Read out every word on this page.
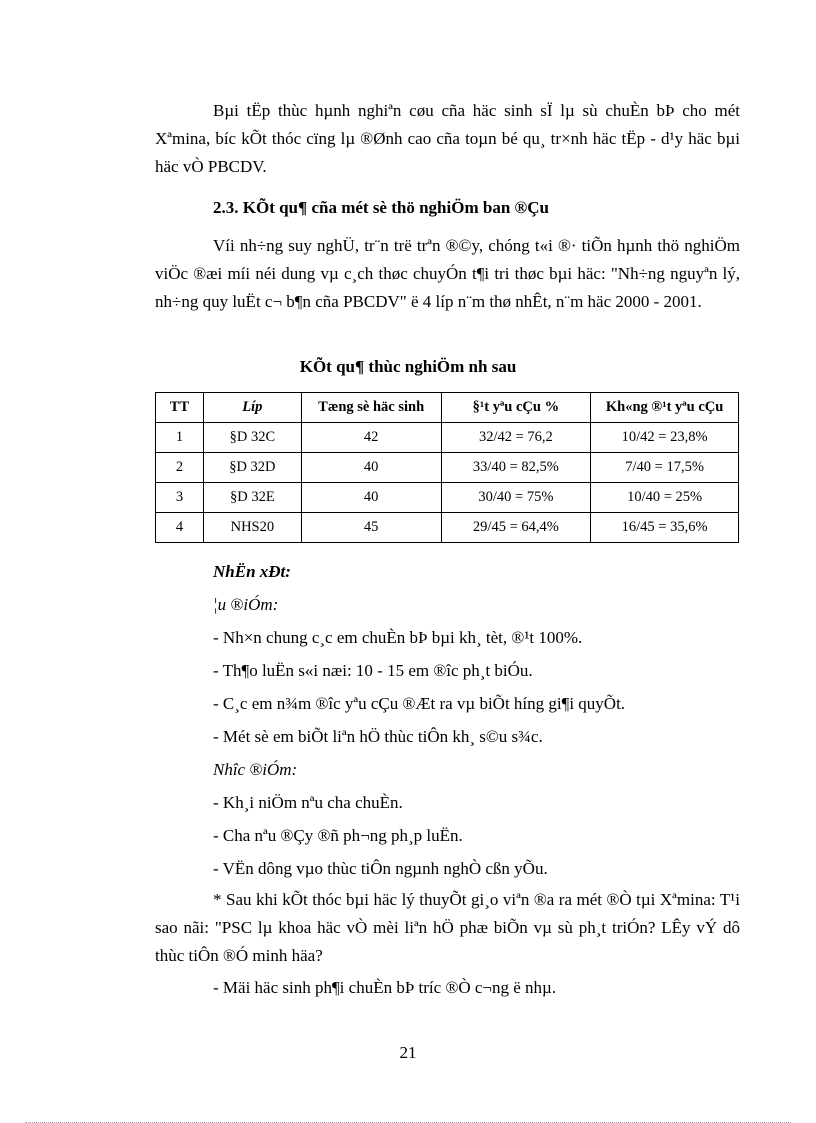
Bµi tËp thùc hµnh nghiªn cøu cña häc sinh sÏ lµ sù chuÈn bÞ cho mét Xªmina, bíc kÕt thóc cïng lµ ®Ønh cao cña toµn bé qu¸ tr×nh häc tËp - d¹y häc bµi häc vÒ PBCDV.

2.3. KÕt qu¶ cña mét sè thö nghiÖm ban ®Çu

Víi nh÷ng suy nghÜ, tr¨n trë trªn ®©y, chóng t«i ®· tiÕn hµnh thö nghiÖm viÖc ®æi míi néi dung vµ c¸ch thøc chuyÓn t¶i tri thøc bµi häc: "Nh÷ng nguyªn lý, nh÷ng quy luËt c¬ b¶n cña PBCDV" ë 4 líp n¨m thø nhÊt, n¨m häc 2000 - 2001.

KÕt qu¶ thùc nghiÖm nh sau

TT	Líp	Tæng sè häc sinh	§¹t yªu cÇu %	Kh«ng ®¹t yªu cÇu
1	§D 32C	42	32/42 = 76,2	10/42 = 23,8%
2	§D 32D	40	33/40 = 82,5%	7/40 = 17,5%
3	§D 32E	40	30/40 = 75%	10/40 = 25%
4	NHS20	45	29/45 = 64,4%	16/45 = 35,6%

NhËn xÐt:

¦u ®iÓm:

- Nh×n chung c¸c em chuÈn bÞ bµi kh¸ tèt, ®¹t 100%.

- Th¶o luËn s«i næi: 10 - 15 em ®îc ph¸t biÓu.

- C¸c em n¾m ®îc yªu cÇu ®Æt ra vµ biÕt híng gi¶i quyÕt.

- Mét sè em biÕt liªn hÖ thùc tiÔn kh¸ s©u s¾c.

Nhîc ®iÓm:

- Kh¸i niÖm nªu cha chuÈn.

- Cha nªu ®Çy ®ñ ph¬ng ph¸p luËn.

- VËn dông vµo thùc tiÔn ngµnh nghÒ cßn yÕu.

* Sau khi kÕt thóc bµi häc lý thuyÕt gi¸o viªn ®a ra mét ®Ò tµi Xªmina: T¹i sao nãi: "PSC lµ khoa häc vÒ mèi liªn hÖ phæ biÕn vµ sù ph¸t triÓn? LÊy vÝ dô thùc tiÔn ®Ó minh häa?

- Mäi häc sinh ph¶i chuÈn bÞ tríc ®Ò c¬ng ë nhµ.

21
